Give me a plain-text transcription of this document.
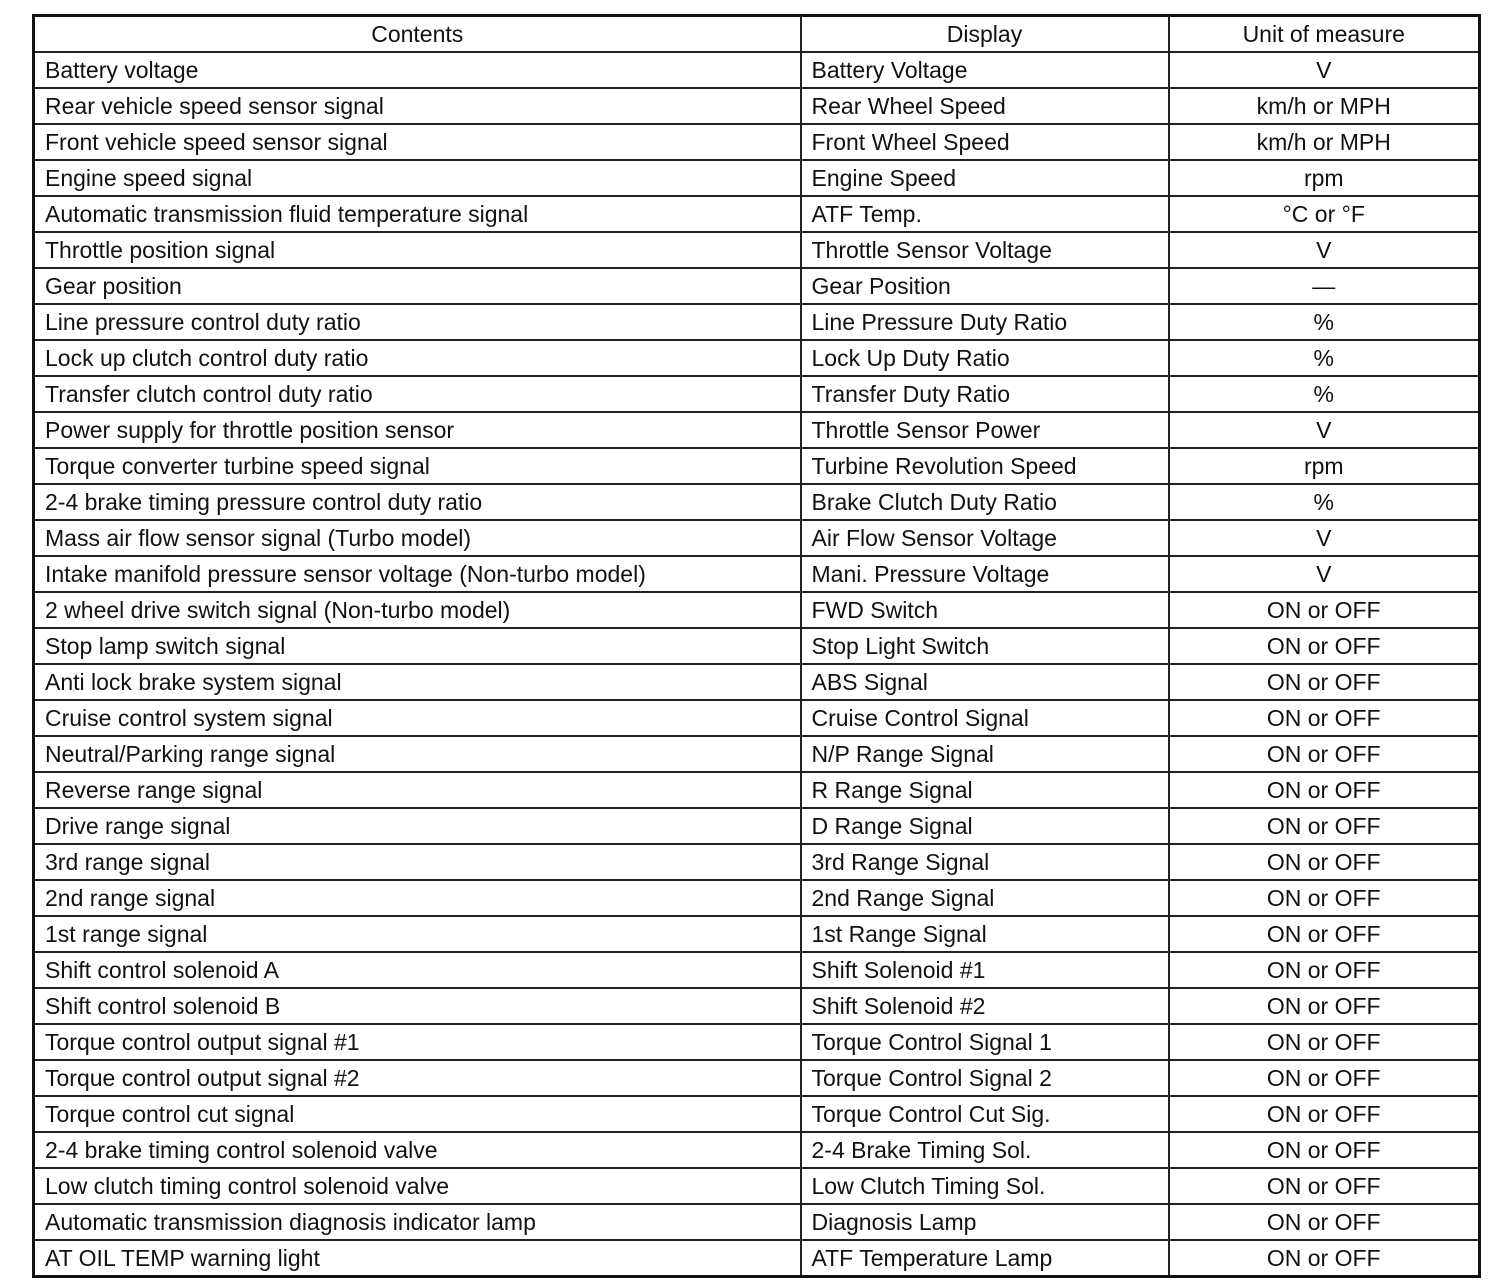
Contents	Display	Unit of measure
Battery voltage	Battery Voltage	V
Rear vehicle speed sensor signal	Rear Wheel Speed	km/h or MPH
Front vehicle speed sensor signal	Front Wheel Speed	km/h or MPH
Engine speed signal	Engine Speed	rpm
Automatic transmission fluid temperature signal	ATF Temp.	°C or °F
Throttle position signal	Throttle Sensor Voltage	V
Gear position	Gear Position	—
Line pressure control duty ratio	Line Pressure Duty Ratio	%
Lock up clutch control duty ratio	Lock Up Duty Ratio	%
Transfer clutch control duty ratio	Transfer Duty Ratio	%
Power supply for throttle position sensor	Throttle Sensor Power	V
Torque converter turbine speed signal	Turbine Revolution Speed	rpm
2-4 brake timing pressure control duty ratio	Brake Clutch Duty Ratio	%
Mass air flow sensor signal (Turbo model)	Air Flow Sensor Voltage	V
Intake manifold pressure sensor voltage (Non-turbo model)	Mani. Pressure Voltage	V
2 wheel drive switch signal (Non-turbo model)	FWD Switch	ON or OFF
Stop lamp switch signal	Stop Light Switch	ON or OFF
Anti lock brake system signal	ABS Signal	ON or OFF
Cruise control system signal	Cruise Control Signal	ON or OFF
Neutral/Parking range signal	N/P Range Signal	ON or OFF
Reverse range signal	R Range Signal	ON or OFF
Drive range signal	D Range Signal	ON or OFF
3rd range signal	3rd Range Signal	ON or OFF
2nd range signal	2nd Range Signal	ON or OFF
1st range signal	1st Range Signal	ON or OFF
Shift control solenoid A	Shift Solenoid #1	ON or OFF
Shift control solenoid B	Shift Solenoid #2	ON or OFF
Torque control output signal #1	Torque Control Signal 1	ON or OFF
Torque control output signal #2	Torque Control Signal 2	ON or OFF
Torque control cut signal	Torque Control Cut Sig.	ON or OFF
2-4 brake timing control solenoid valve	2-4 Brake Timing Sol.	ON or OFF
Low clutch timing control solenoid valve	Low Clutch Timing Sol.	ON or OFF
Automatic transmission diagnosis indicator lamp	Diagnosis Lamp	ON or OFF
AT OIL TEMP warning light	ATF Temperature Lamp	ON or OFF
